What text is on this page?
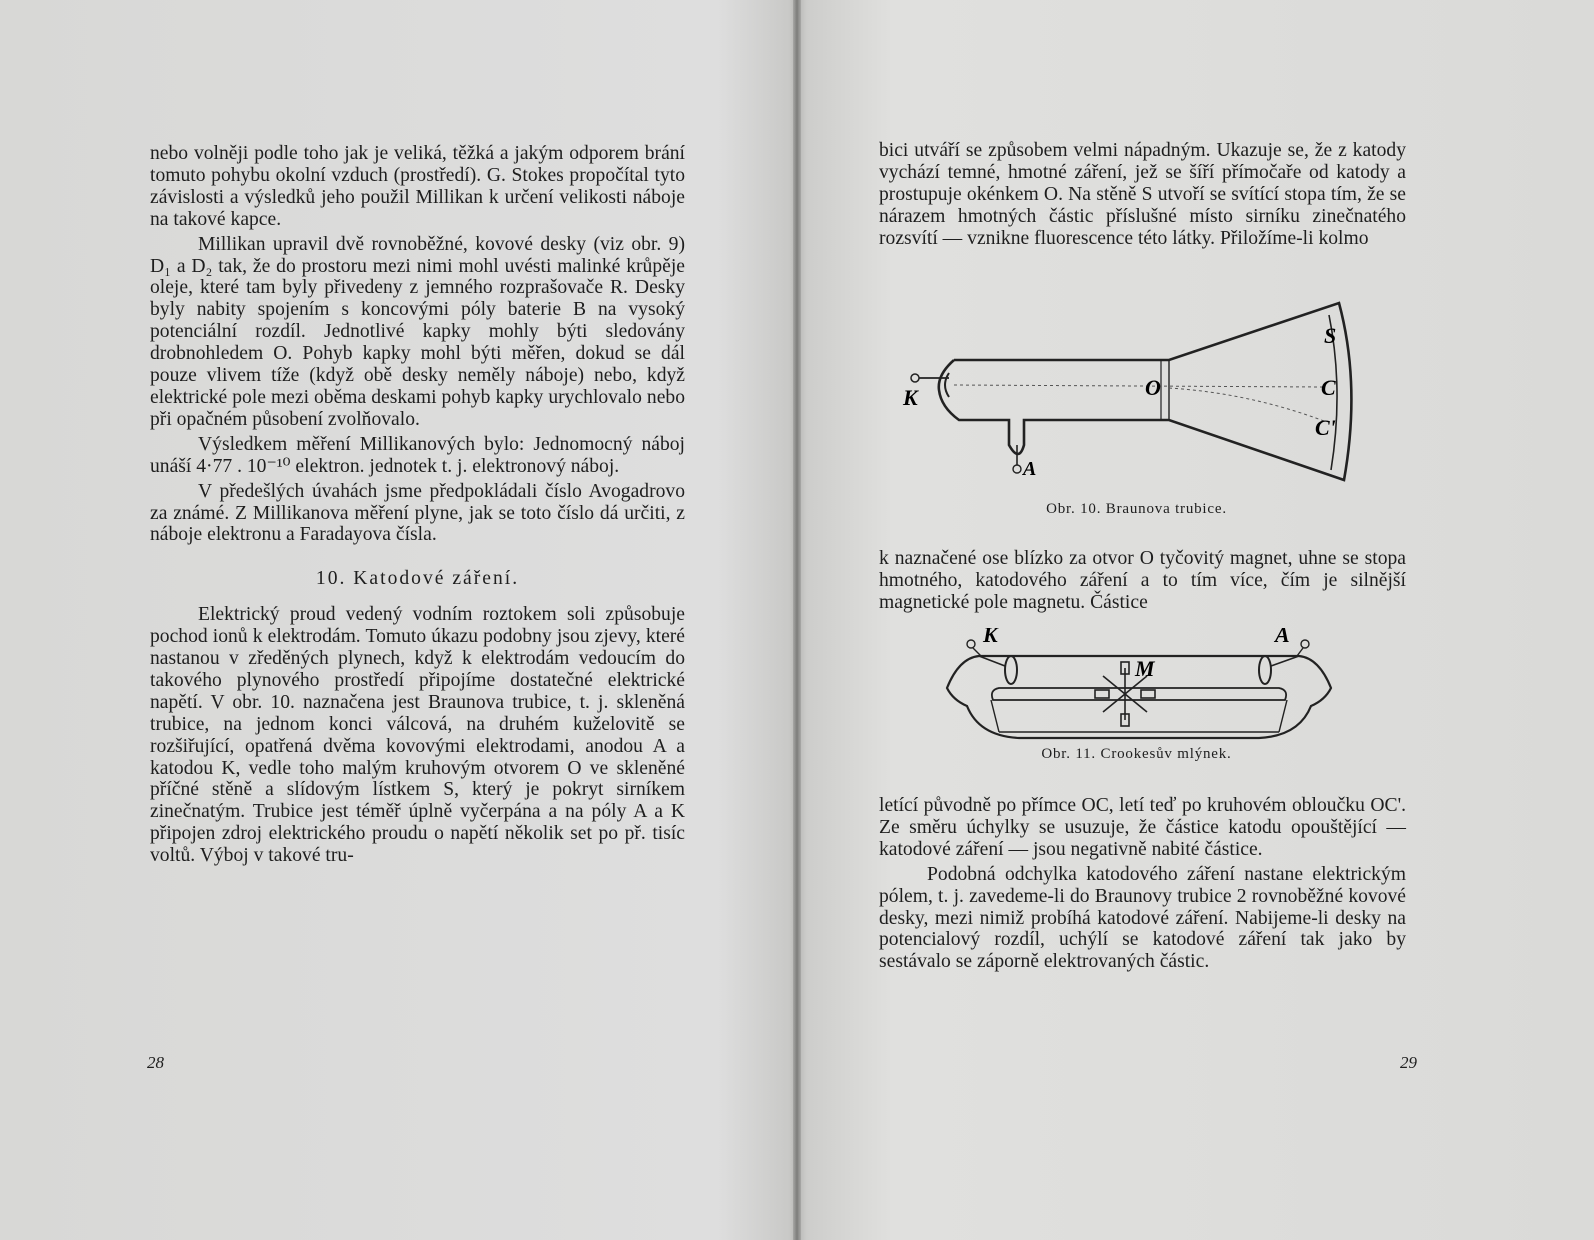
nebo volněji podle toho jak je veliká, těžká a jakým odporem brání tomuto pohybu okolní vzduch (prostředí). G. Stokes propočítal tyto závislosti a výsledků jeho použil Millikan k určení velikosti náboje na takové kapce.

Millikan upravil dvě rovnoběžné, kovové desky (viz obr. 9) D₁ a D₂ tak, že do prostoru mezi nimi mohl uvésti malinké krůpěje oleje, které tam byly přivedeny z jemného rozprašovače R. Desky byly nabity spojením s koncovými póly baterie B na vysoký potenciální rozdíl. Jednotlivé kapky mohly býti sledovány drobnohledem O. Pohyb kapky mohl býti měřen, dokud se dál pouze vlivem tíže (když obě desky neměly náboje) nebo, když elektrické pole mezi oběma deskami pohyb kapky urychlovalo nebo při opačném působení zvolňovalo.

Výsledkem měření Millikanových bylo: Jednomocný náboj unáší 4·77 . 10⁻¹⁰ elektron. jednotek t. j. elektronový náboj.

V předešlých úvahách jsme předpokládali číslo Avogadrovo za známé. Z Millikanova měření plyne, jak se toto číslo dá určiti, z náboje elektronu a Faradayova čísla.

10. Katodové záření.

Elektrický proud vedený vodním roztokem soli způsobuje pochod ionů k elektrodám. Tomuto úkazu podobny jsou zjevy, které nastanou v zředěných plynech, když k elektrodám vedoucím do takového plynového prostředí připojíme dostatečné elektrické napětí. V obr. 10. naznačena jest Braunova trubice, t. j. skleněná trubice, na jednom konci válcová, na druhém kuželovitě se rozšiřující, opatřená dvěma kovovými elektrodami, anodou A a katodou K, vedle toho malým kruhovým otvorem O ve skleněné příčné stěně a slídovým lístkem S, který je pokryt sirníkem zinečnatým. Trubice jest téměř úplně vyčerpána a na póly A a K připojen zdroj elektrického proudu o napětí několik set po př. tisíc voltů. Výboj v takové tru-

28

bici utváří se způsobem velmi nápadným. Ukazuje se, že z katody vychází temné, hmotné záření, jež se šíří přímočaře od katody a prostupuje okénkem O. Na stěně S utvoří se svítící stopa tím, že se nárazem hmotných částic příslušné místo sirníku zinečnatého rozsvítí — vznikne fluorescence této látky. Přiložíme-li kolmo

K	O
S
C
C'
A
Obr. 10. Braunova trubice.

k naznačené ose blízko za otvor O tyčovitý magnet, uhne se stopa hmotného, katodového záření a to tím více, čím je silnější magnetické pole magnetu. Částice

K	A
M
Obr. 11. Crookesův mlýnek.

letící původně po přímce OC, letí teď po kruhovém obloučku OC'. Ze směru úchylky se usuzuje, že částice katodu opouštějící — katodové záření — jsou negativně nabité částice.

Podobná odchylka katodového záření nastane elektrickým pólem, t. j. zavedeme-li do Braunovy trubice 2 rovnoběžné kovové desky, mezi nimiž probíhá katodové záření. Nabijeme-li desky na potencialový rozdíl, uchýlí se katodové záření tak jako by sestávalo se záporně elektrovaných částic.

29
